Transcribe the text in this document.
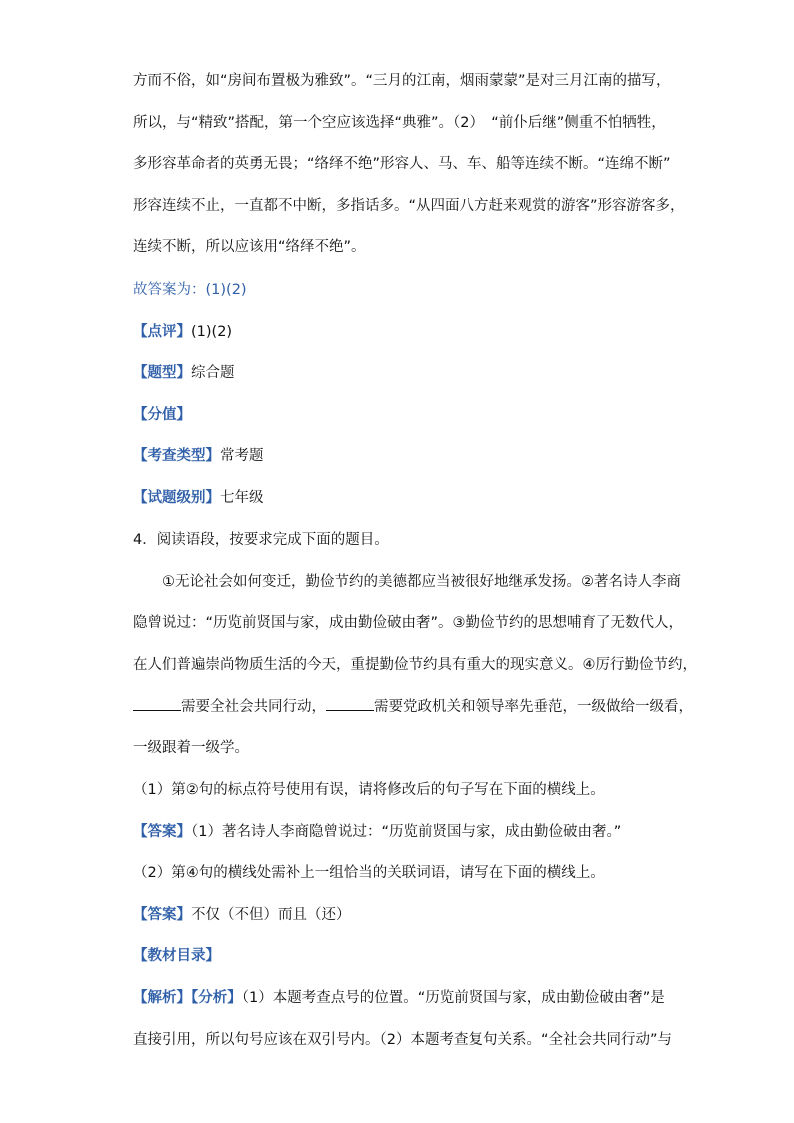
方而不俗，如“房间布置极为雅致”。“三月的江南，烟雨蒙蒙”是对三月江南的描写，
所以，与“精致”搭配，第一个空应该选择“典雅”。（2）　“前仆后继”侧重不怕牺牲，
多形容革命者的英勇无畏；“络绎不绝”形容人、马、车、船等连续不断。“连绵不断”
形容连续不止，一直都不中断，多指话多。“从四面八方赶来观赏的游客”形容游客多，
连续不断，所以应该用“络绎不绝”。
故答案为：(1)(2)
【点评】(1)(2)
【题型】综合题
【分值】
【考查类型】常考题
【试题级别】七年级
4．阅读语段，按要求完成下面的题目。
　　①无论社会如何变迁，勤俭节约的美德都应当被很好地继承发扬。②著名诗人李商
隐曾说过：“历览前贤国与家，成由勤俭破由奢”。③勤俭节约的思想哺育了无数代人，
在人们普遍崇尚物质生活的今天，重提勤俭节约具有重大的现实意义。④厉行勤俭节约，
需要全社会共同行动，	需要党政机关和领导率先垂范，一级做给一级看，
一级跟着一级学。
（1）第②句的标点符号使用有误，请将修改后的句子写在下面的横线上。
【答案】（1）著名诗人李商隐曾说过：“历览前贤国与家，成由勤俭破由奢。”
（2）第④句的横线处需补上一组恰当的关联词语，请写在下面的横线上。
【答案】不仅（不但）而且（还）
【教材目录】
【解析】【分析】（1）本题考查点号的位置。“历览前贤国与家，成由勤俭破由奢”是
直接引用，所以句号应该在双引号内。（2）本题考查复句关系。“全社会共同行动”与
